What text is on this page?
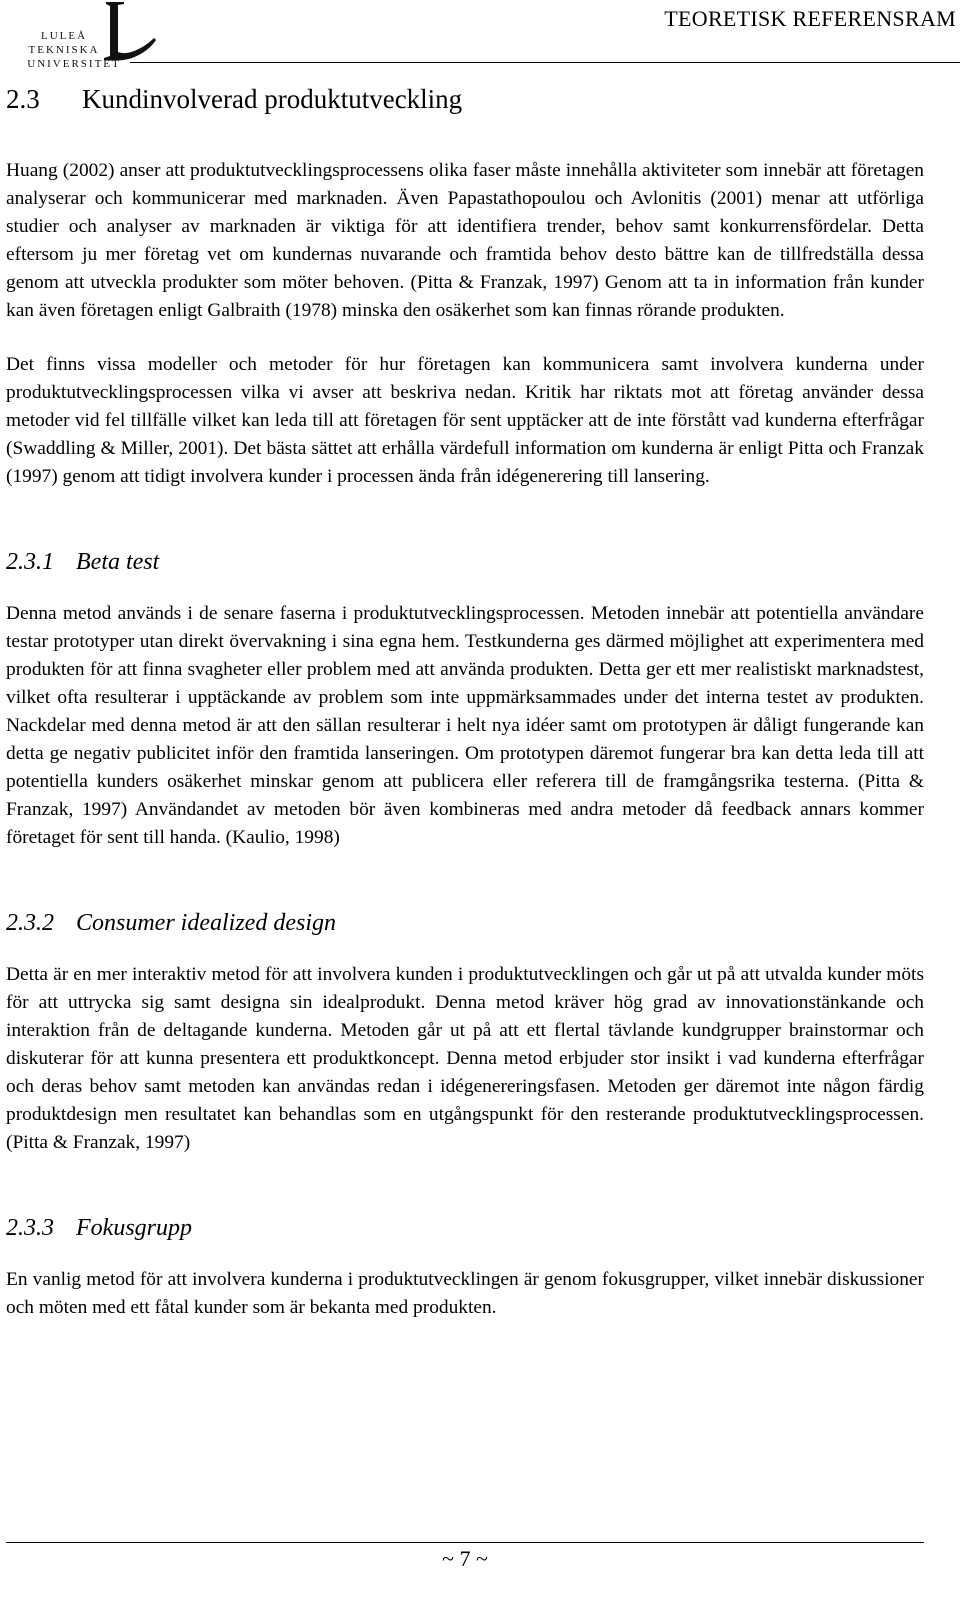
LULEÅ
TEKNISKA
UNIVERSITET
TEORETISK REFERENSRAM
2.3 Kundinvolverad produktutveckling

Huang (2002) anser att produktutvecklingsprocessens olika faser måste innehålla aktiviteter som innebär att företagen analyserar och kommunicerar med marknaden. Även Papastathopoulou och Avlonitis (2001) menar att utförliga studier och analyser av marknaden är viktiga för att identifiera trender, behov samt konkurrensfördelar. Detta eftersom ju mer företag vet om kundernas nuvarande och framtida behov desto bättre kan de tillfredställa dessa genom att utveckla produkter som möter behoven. (Pitta & Franzak, 1997) Genom att ta in information från kunder kan även företagen enligt Galbraith (1978) minska den osäkerhet som kan finnas rörande produkten.

Det finns vissa modeller och metoder för hur företagen kan kommunicera samt involvera kunderna under produktutvecklingsprocessen vilka vi avser att beskriva nedan. Kritik har riktats mot att företag använder dessa metoder vid fel tillfälle vilket kan leda till att företagen för sent upptäcker att de inte förstått vad kunderna efterfrågar (Swaddling & Miller, 2001). Det bästa sättet att erhålla värdefull information om kunderna är enligt Pitta och Franzak (1997) genom att tidigt involvera kunder i processen ända från idégenerering till lansering.

2.3.1 Beta test

Denna metod används i de senare faserna i produktutvecklingsprocessen. Metoden innebär att potentiella användare testar prototyper utan direkt övervakning i sina egna hem. Testkunderna ges därmed möjlighet att experimentera med produkten för att finna svagheter eller problem med att använda produkten. Detta ger ett mer realistiskt marknadstest, vilket ofta resulterar i upptäckande av problem som inte uppmärksammades under det interna testet av produkten. Nackdelar med denna metod är att den sällan resulterar i helt nya idéer samt om prototypen är dåligt fungerande kan detta ge negativ publicitet inför den framtida lanseringen. Om prototypen däremot fungerar bra kan detta leda till att potentiella kunders osäkerhet minskar genom att publicera eller referera till de framgångsrika testerna. (Pitta & Franzak, 1997) Användandet av metoden bör även kombineras med andra metoder då feedback annars kommer företaget för sent till handa. (Kaulio, 1998)

2.3.2 Consumer idealized design

Detta är en mer interaktiv metod för att involvera kunden i produktutvecklingen och går ut på att utvalda kunder möts för att uttrycka sig samt designa sin idealprodukt. Denna metod kräver hög grad av innovationstänkande och interaktion från de deltagande kunderna. Metoden går ut på att ett flertal tävlande kundgrupper brainstormar och diskuterar för att kunna presentera ett produktkoncept. Denna metod erbjuder stor insikt i vad kunderna efterfrågar och deras behov samt metoden kan användas redan i idégenereringsfasen. Metoden ger däremot inte någon färdig produktdesign men resultatet kan behandlas som en utgångspunkt för den resterande produktutvecklingsprocessen. (Pitta & Franzak, 1997)

2.3.3 Fokusgrupp

En vanlig metod för att involvera kunderna i produktutvecklingen är genom fokusgrupper, vilket innebär diskussioner och möten med ett fåtal kunder som är bekanta med produkten.

~ 7 ~
